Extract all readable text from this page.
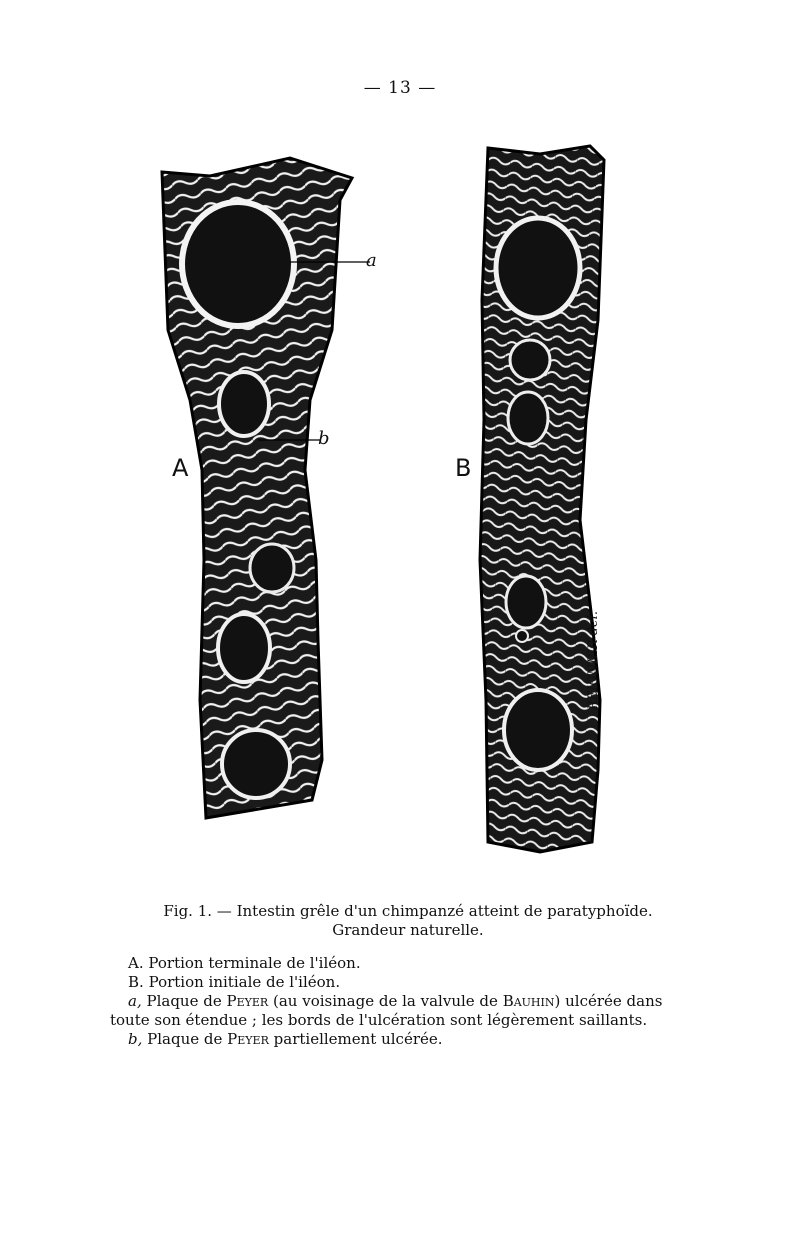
— 13 —
a
b
A	B
REIGNIER del.
Fig. 1. — Intestin grêle d'un chimpanzé atteint de paratyphoïde.
Grandeur naturelle.
A. Portion terminale de l'iléon.
B. Portion initiale de l'iléon.
a, Plaque de Peyer (au voisinage de la valvule de Bauhin) ulcérée dans
toute son étendue ; les bords de l'ulcération sont légèrement saillants.
b, Plaque de Peyer partiellement ulcérée.
